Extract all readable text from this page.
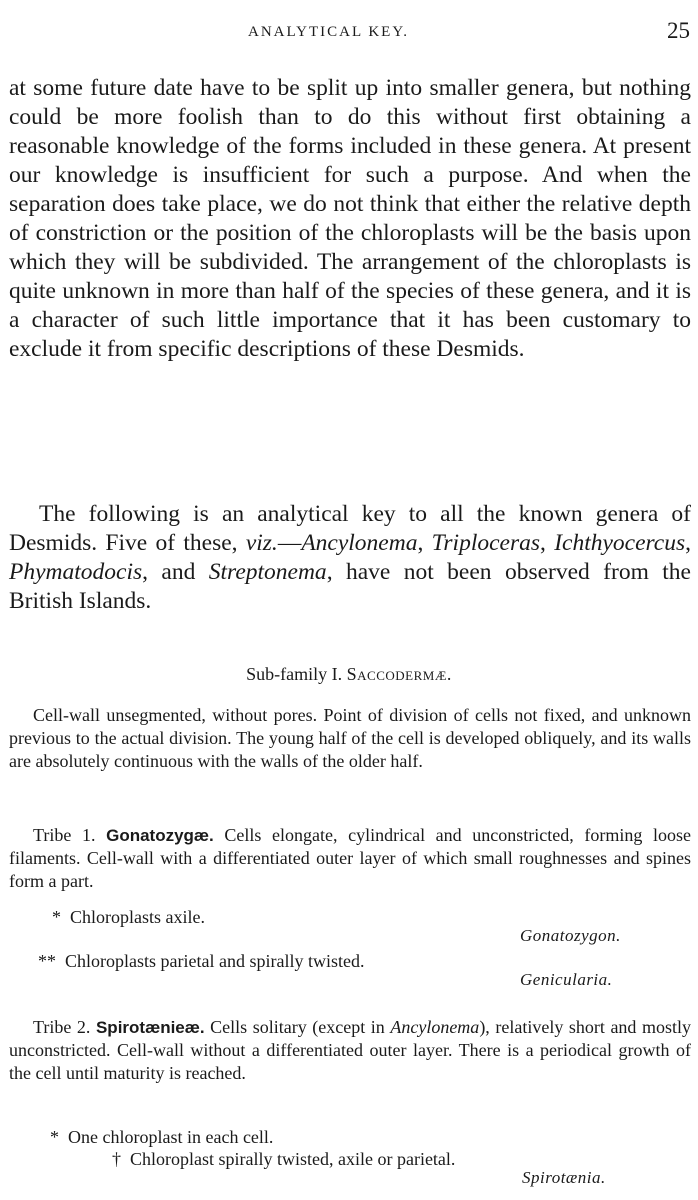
ANALYTICAL KEY.	25

at some future date have to be split up into smaller genera, but nothing could be more foolish than to do this without first obtaining a reasonable knowledge of the forms included in these genera. At present our knowledge is insufficient for such a purpose. And when the separation does take place, we do not think that either the relative depth of constriction or the position of the chloroplasts will be the basis upon which they will be subdivided. The arrangement of the chloroplasts is quite unknown in more than half of the species of these genera, and it is a character of such little importance that it has been customary to exclude it from specific descriptions of these Desmids.

The following is an analytical key to all the known genera of Desmids. Five of these, viz.—Ancylonema, Triploceras, Ichthyocercus, Phymatodocis, and Streptonema, have not been observed from the British Islands.

Sub-family I. Saccodermæ.

Cell-wall unsegmented, without pores. Point of division of cells not fixed, and unknown previous to the actual division. The young half of the cell is developed obliquely, and its walls are absolutely continuous with the walls of the older half.

Tribe 1. Gonatozygæ. Cells elongate, cylindrical and unconstricted, forming loose filaments. Cell-wall with a differentiated outer layer of which small roughnesses and spines form a part.

* Chloroplasts axile.
Gonatozygon.
** Chloroplasts parietal and spirally twisted.
Genicularia.

Tribe 2. Spirotænieæ. Cells solitary (except in Ancylonema), relatively short and mostly unconstricted. Cell-wall without a differentiated outer layer. There is a periodical growth of the cell until maturity is reached.

* One chloroplast in each cell.
† Chloroplast spirally twisted, axile or parietal.
Spirotænia.
